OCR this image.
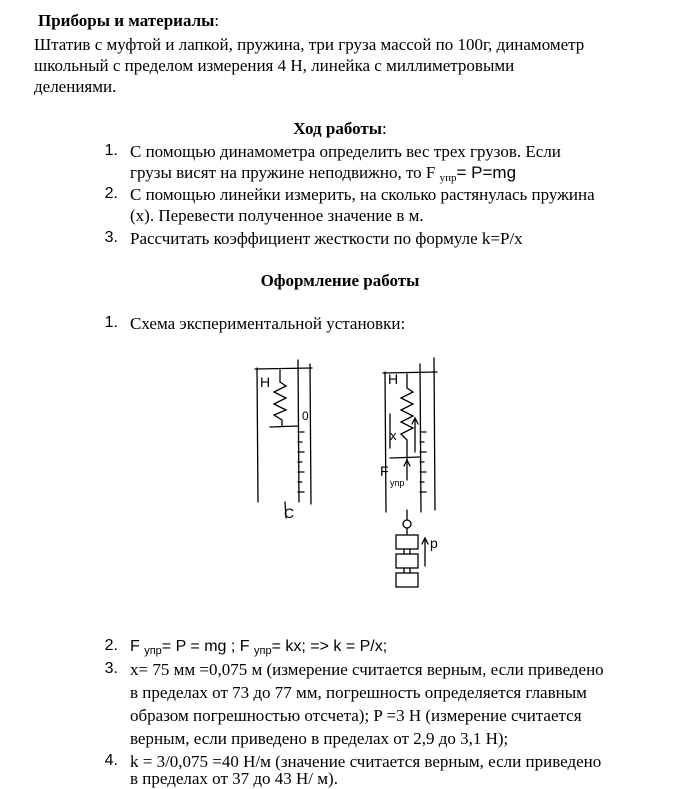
Приборы и материалы:
Штатив с муфтой и лапкой, пружина, три груза массой по 100г, динамометр
школьный с пределом измерения 4 Н, линейка с миллиметровыми
делениями.
Ход работы:
1. С помощью динамометра определить вес трех грузов. Если
грузы висят на пружине неподвижно, то F упр= P=mg
2. С помощью линейки измерить, на сколько растянулась пружина
(x). Перевести полученное значение в м.
3. Рассчитать коэффициент жесткости по формуле k=P/x
Оформление работы
1. Схема экспериментальной установки:
H
0
C
H
x
F
упр
p
2. F упр= P = mg ; F упр= kx; => k = P/x;
3. x= 75 мм =0,075 м (измерение считается верным, если приведено
в пределах от 73 до 77 мм, погрешность определяется главным
образом погрешностью отсчета); P =3 Н (измерение считается
верным, если приведено в пределах от 2,9 до 3,1 Н);
4. k = 3/0,075 =40 Н/м (значение считается верным, если приведено
в пределах от 37 до 43 Н/ м).
